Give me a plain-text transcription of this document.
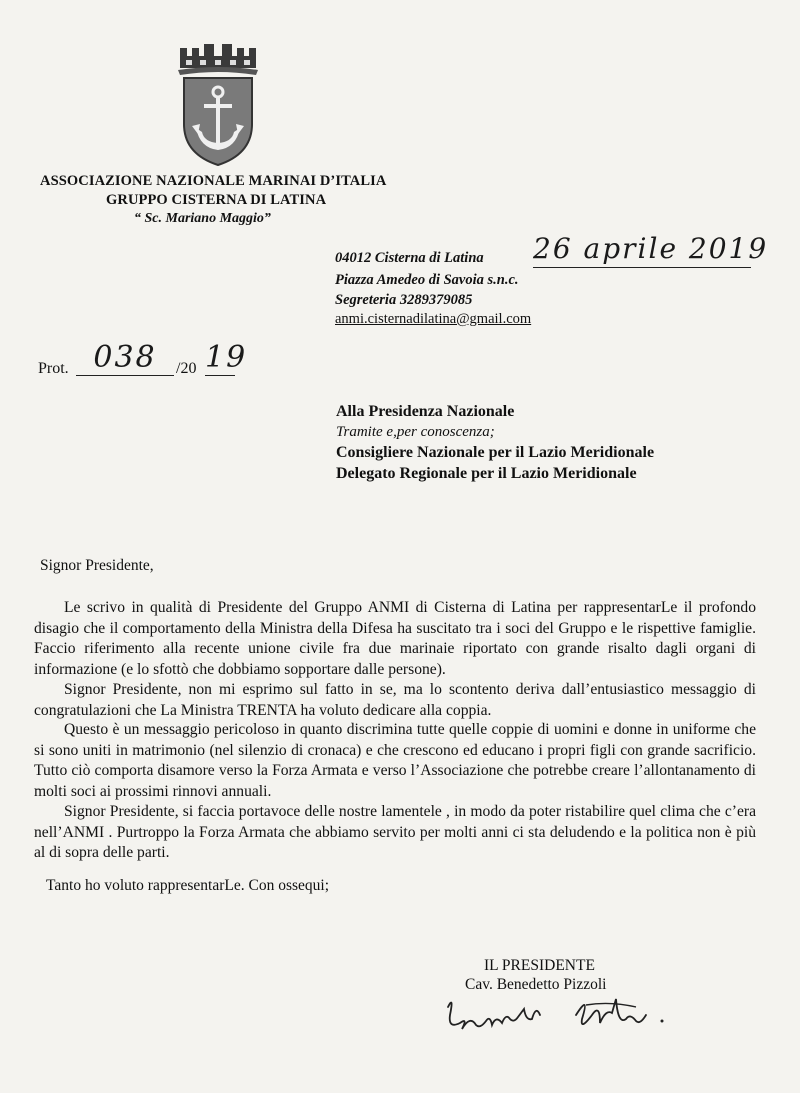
ASSOCIAZIONE NAZIONALE MARINAI D’ITALIA
GRUPPO CISTERNA DI LATINA
“ Sc. Mariano Maggio”
04012 Cisterna di Latina 26 aprile 2019
Piazza Amedeo di Savoia s.n.c.
Segreteria 3289379085
anmi.cisternadilatina@gmail.com
Prot. 038	/20 19
Alla Presidenza Nazionale
Tramite e,per conoscenza;
Consigliere Nazionale per il Lazio Meridionale
Delegato Regionale per il Lazio Meridionale
Signor Presidente,
Le scrivo in qualità di Presidente del Gruppo ANMI di Cisterna di Latina per rappresentarLe il profondo disagio che il comportamento della Ministra della Difesa ha suscitato tra i soci del Gruppo e le rispettive famiglie. Faccio riferimento alla recente unione civile fra due marinaie riportato con grande risalto dagli organi di informazione (e lo sfottò che dobbiamo sopportare dalle persone).
Signor Presidente, non mi esprimo sul fatto in se, ma lo scontento deriva dall’entusiastico messaggio di congratulazioni che La Ministra TRENTA ha voluto dedicare alla coppia.
Questo è un messaggio pericoloso in quanto discrimina tutte quelle coppie di uomini e donne in uniforme che si sono uniti in matrimonio (nel silenzio di cronaca) e che crescono ed educano i propri figli con grande sacrificio. Tutto ciò comporta disamore verso la Forza Armata e verso l’Associazione che potrebbe creare l’allontanamento di molti soci ai prossimi rinnovi annuali.
Signor Presidente, si faccia portavoce delle nostre lamentele , in modo da poter ristabilire quel clima che c’era nell’ANMI . Purtroppo la Forza Armata che abbiamo servito per molti anni ci sta deludendo e la politica non è più al di sopra delle parti.
Tanto ho voluto rappresentarLe. Con ossequi;
IL PRESIDENTE
Cav. Benedetto Pizzoli
